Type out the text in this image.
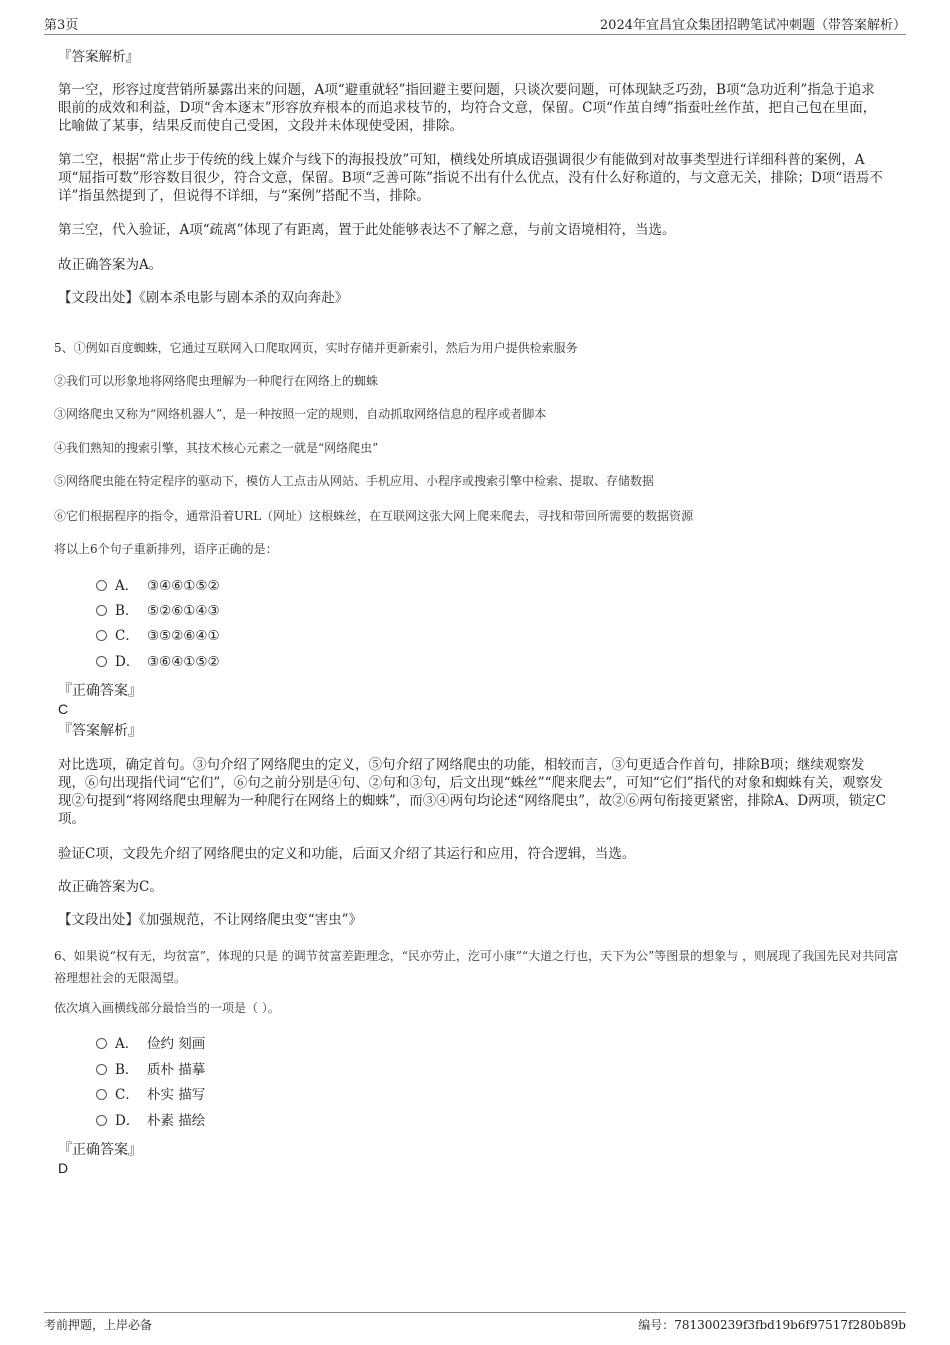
第3页	2024年宜昌宜众集团招聘笔试冲刺题（带答案解析）
『答案解析』
第一空，形容过度营销所暴露出来的问题，A项“避重就轻”指回避主要问题，只谈次要问题，可体现缺乏巧劲，B项“急功近利”指急于追求眼前的成效和利益，D项“舍本逐末”形容放弃根本的而追求枝节的，均符合文意，保留。C项“作茧自缚”指蚕吐丝作茧，把自己包在里面，比喻做了某事，结果反而使自己受困，文段并未体现使受困，排除。
第二空，根据“常止步于传统的线上媒介与线下的海报投放”可知，横线处所填成语强调很少有能做到对故事类型进行详细科普的案例，A项“屈指可数”形容数目很少，符合文意，保留。B项“乏善可陈”指说不出有什么优点，没有什么好称道的，与文意无关，排除；D项“语焉不详”指虽然提到了，但说得不详细，与“案例”搭配不当，排除。
第三空，代入验证，A项“疏离”体现了有距离，置于此处能够表达不了解之意，与前文语境相符，当选。
故正确答案为A。
【文段出处】《剧本杀电影与剧本杀的双向奔赴》
5、①例如百度蜘蛛，它通过互联网入口爬取网页，实时存储并更新索引，然后为用户提供检索服务
②我们可以形象地将网络爬虫理解为一种爬行在网络上的蜘蛛
③网络爬虫又称为“网络机器人”，是一种按照一定的规则，自动抓取网络信息的程序或者脚本
④我们熟知的搜索引擎，其技术核心元素之一就是“网络爬虫”
⑤网络爬虫能在特定程序的驱动下，模仿人工点击从网站、手机应用、小程序或搜索引擎中检索、提取、存储数据
⑥它们根据程序的指令，通常沿着URL（网址）这根蛛丝，在互联网这张大网上爬来爬去，寻找和带回所需要的数据资源
将以上6个句子重新排列，语序正确的是：
A． ③④⑥①⑤②
B． ⑤②⑥①④③
C． ③⑤②⑥④①
D． ③⑥④①⑤②
『正确答案』
C
『答案解析』
对比选项，确定首句。③句介绍了网络爬虫的定义，⑤句介绍了网络爬虫的功能，相较而言，③句更适合作首句，排除B项；继续观察发现，⑥句出现指代词“它们”，⑥句之前分别是④句、②句和③句，后文出现“蛛丝”“爬来爬去”，可知“它们”指代的对象和蜘蛛有关，观察发现②句提到“将网络爬虫理解为一种爬行在网络上的蜘蛛”，而③④两句均论述“网络爬虫”，故②⑥两句衔接更紧密，排除A、D两项，锁定C项。
验证C项，文段先介绍了网络爬虫的定义和功能，后面又介绍了其运行和应用，符合逻辑，当选。
故正确答案为C。
【文段出处】《加强规范，不让网络爬虫变“害虫”》
6、如果说“权有无，均贫富”，体现的只是 的调节贫富差距理念，“民亦劳止，汔可小康”“大道之行也，天下为公”等图景的想象与 ，则展现了我国先民对共同富裕理想社会的无限渴望。
依次填入画横线部分最恰当的一项是（ ）。
A． 俭约 刻画
B． 质朴 描摹
C． 朴实 描写
D． 朴素 描绘
『正确答案』
D
考前押题，上岸必备	编号：781300239f3fbd19b6f97517f280b89b
